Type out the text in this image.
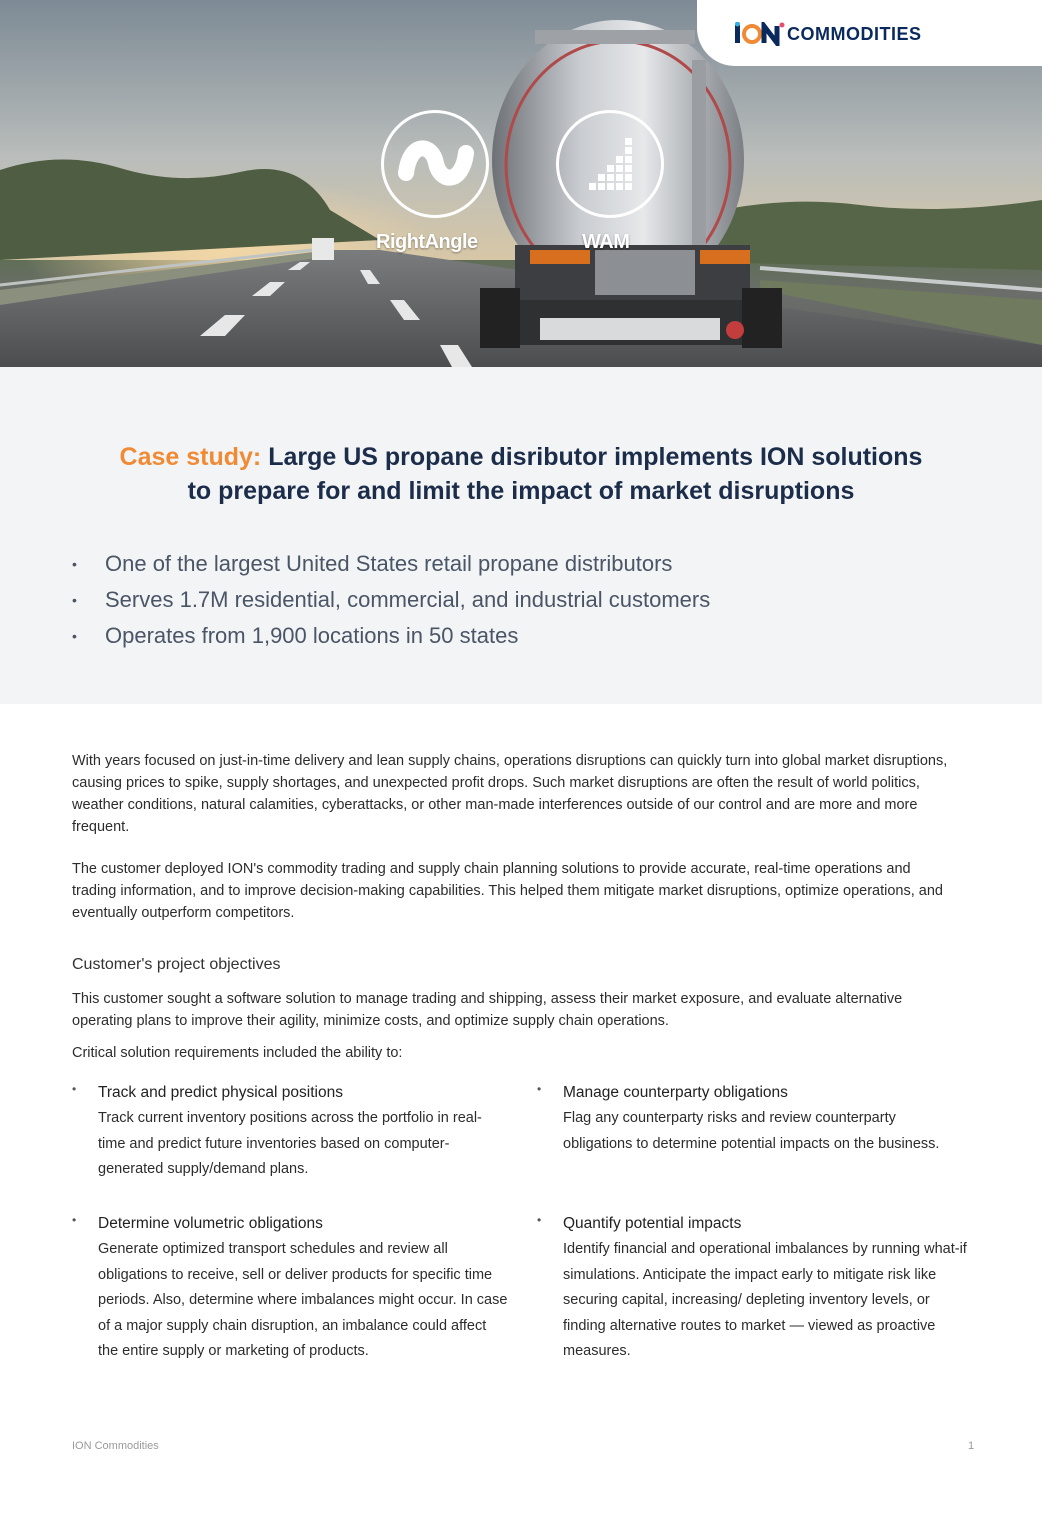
COMMODITIES
RightAngle	WAM
Case study: Large US propane disributor implements ION solutions
to prepare for and limit the impact of market disruptions
• One of the largest United States retail propane distributors
• Serves 1.7M residential, commercial, and industrial customers
• Operates from 1,900 locations in 50 states
With years focused on just-in-time delivery and lean supply chains, operations disruptions can quickly turn into global market disruptions, causing prices to spike, supply shortages, and unexpected profit drops. Such market disruptions are often the result of world politics, weather conditions, natural calamities, cyberattacks, or other man-made interferences outside of our control and are more and more frequent.
The customer deployed ION's commodity trading and supply chain planning solutions to provide accurate, real-time operations and trading information, and to improve decision-making capabilities. This helped them mitigate market disruptions, optimize operations, and eventually outperform competitors.
Customer's project objectives
This customer sought a software solution to manage trading and shipping, assess their market exposure, and evaluate alternative operating plans to improve their agility, minimize costs, and optimize supply chain operations.
Critical solution requirements included the ability to:
• Track and predict physical positions
Track current inventory positions across the portfolio in real-time and predict future inventories based on computer-generated supply/demand plans.
• Manage counterparty obligations
Flag any counterparty risks and review counterparty obligations to determine potential impacts on the business.
• Determine volumetric obligations
Generate optimized transport schedules and review all obligations to receive, sell or deliver products for specific time periods. Also, determine where imbalances might occur. In case of a major supply chain disruption, an imbalance could affect the entire supply or marketing of products.
• Quantify potential impacts
Identify financial and operational imbalances by running what-if simulations. Anticipate the impact early to mitigate risk like securing capital, increasing/ depleting inventory levels, or finding alternative routes to market — viewed as proactive measures.
ION Commodities	1
